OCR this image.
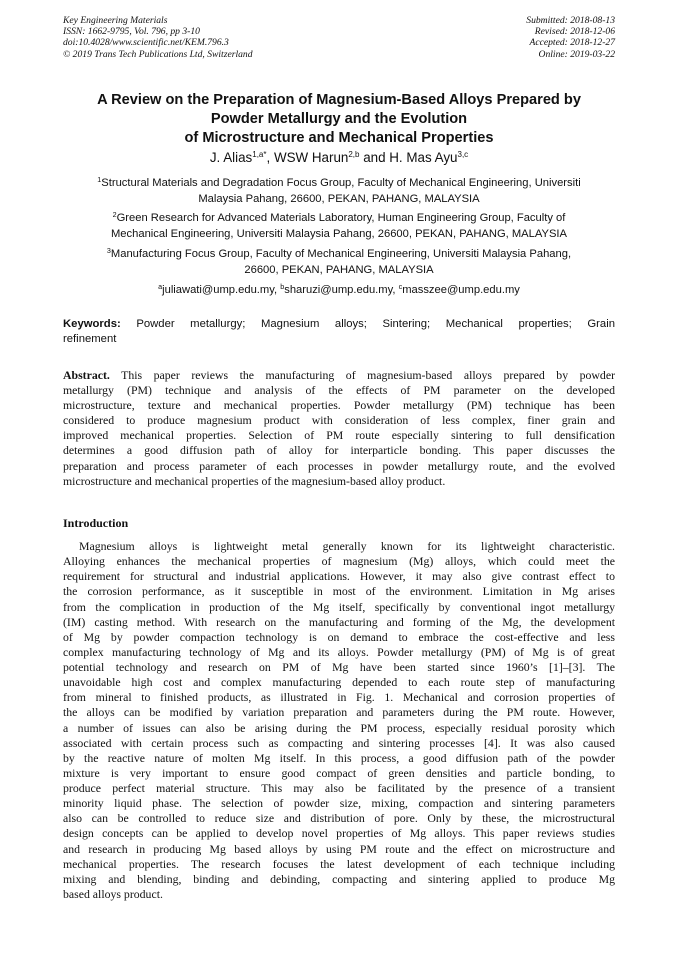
Key Engineering Materials
ISSN: 1662-9795, Vol. 796, pp 3-10
doi:10.4028/www.scientific.net/KEM.796.3
© 2019 Trans Tech Publications Ltd, Switzerland
Submitted: 2018-08-13
Revised: 2018-12-06
Accepted: 2018-12-27
Online: 2019-03-22
A Review on the Preparation of Magnesium-Based Alloys Prepared by
Powder Metallurgy and the Evolution
of Microstructure and Mechanical Properties
J. Alias$^{1,a*}$, WSW Harun$^{2,b}$ and H. Mas Ayu$^{3,c}$
$^1$Structural Materials and Degradation Focus Group, Faculty of Mechanical Engineering, Universiti
Malaysia Pahang, 26600, PEKAN, PAHANG, MALAYSIA
$^2$Green Research for Advanced Materials Laboratory, Human Engineering Group, Faculty of
Mechanical Engineering, Universiti Malaysia Pahang, 26600, PEKAN, PAHANG, MALAYSIA
$^3$Manufacturing Focus Group, Faculty of Mechanical Engineering, Universiti Malaysia Pahang,
26600, PEKAN, PAHANG, MALAYSIA
$^a$juliawati@ump.edu.my, $^b$sharuzi@ump.edu.my, $^c$masszee@ump.edu.my
Keywords: Powder metallurgy; Magnesium alloys; Sintering; Mechanical properties; Grain
refinement
Abstract. This paper reviews the manufacturing of magnesium-based alloys prepared by powder
metallurgy (PM) technique and analysis of the effects of PM parameter on the developed
microstructure, texture and mechanical properties. Powder metallurgy (PM) technique has been
considered to produce magnesium product with consideration of less complex, finer grain and
improved mechanical properties. Selection of PM route especially sintering to full densification
determines a good diffusion path of alloy for interparticle bonding. This paper discusses the
preparation and process parameter of each processes in powder metallurgy route, and the evolved
microstructure and mechanical properties of the magnesium-based alloy product.
Introduction
Magnesium alloys is lightweight metal generally known for its lightweight characteristic.
Alloying enhances the mechanical properties of magnesium (Mg) alloys, which could meet the
requirement for structural and industrial applications. However, it may also give contrast effect to
the corrosion performance, as it susceptible in most of the environment. Limitation in Mg arises
from the complication in production of the Mg itself, specifically by conventional ingot metallurgy
(IM) casting method. With research on the manufacturing and forming of the Mg, the development
of Mg by powder compaction technology is on demand to embrace the cost-effective and less
complex manufacturing technology of Mg and its alloys. Powder metallurgy (PM) of Mg is of great
potential technology and research on PM of Mg have been started since 1960’s [1]–[3]. The
unavoidable high cost and complex manufacturing depended to each route step of manufacturing
from mineral to finished products, as illustrated in Fig. 1. Mechanical and corrosion properties of
the alloys can be modified by variation preparation and parameters during the PM route. However,
a number of issues can also be arising during the PM process, especially residual porosity which
associated with certain process such as compacting and sintering processes [4]. It was also caused
by the reactive nature of molten Mg itself. In this process, a good diffusion path of the powder
mixture is very important to ensure good compact of green densities and particle bonding, to
produce perfect material structure. This may also be facilitated by the presence of a transient
minority liquid phase. The selection of powder size, mixing, compaction and sintering parameters
also can be controlled to reduce size and distribution of pore. Only by these, the microstructural
design concepts can be applied to develop novel properties of Mg alloys. This paper reviews studies
and research in producing Mg based alloys by using PM route and the effect on microstructure and
mechanical properties. The research focuses the latest development of each technique including
mixing and blending, binding and debinding, compacting and sintering applied to produce Mg
based alloys product.
